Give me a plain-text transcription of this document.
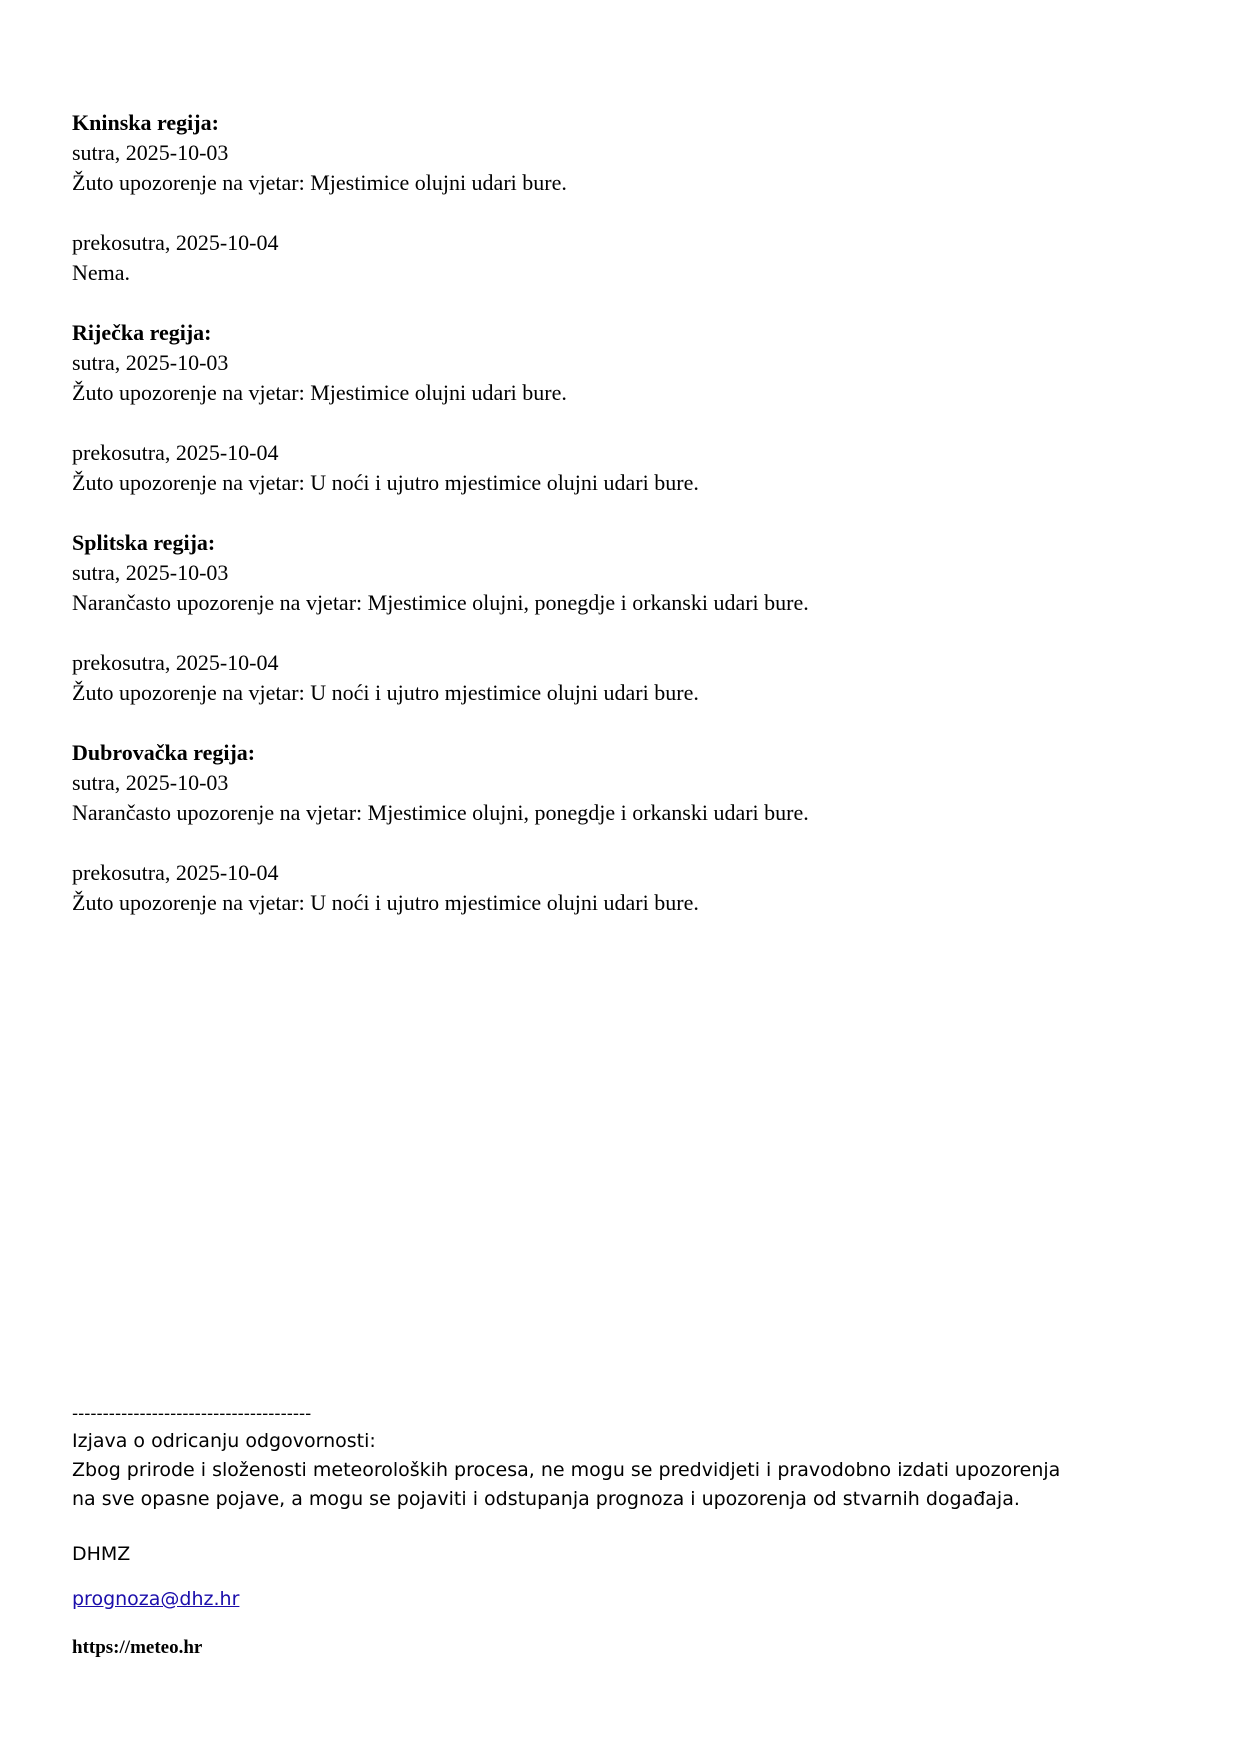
Kninska regija:

sutra, 2025-10-03

Žuto upozorenje na vjetar: Mjestimice olujni udari bure.

prekosutra, 2025-10-04

Nema.

Riječka regija:

sutra, 2025-10-03

Žuto upozorenje na vjetar: Mjestimice olujni udari bure.

prekosutra, 2025-10-04

Žuto upozorenje na vjetar: U noći i ujutro mjestimice olujni udari bure.

Splitska regija:

sutra, 2025-10-03

Narančasto upozorenje na vjetar: Mjestimice olujni, ponegdje i orkanski udari bure.

prekosutra, 2025-10-04

Žuto upozorenje na vjetar: U noći i ujutro mjestimice olujni udari bure.

Dubrovačka regija:

sutra, 2025-10-03

Narančasto upozorenje na vjetar: Mjestimice olujni, ponegdje i orkanski udari bure.

prekosutra, 2025-10-04

Žuto upozorenje na vjetar: U noći i ujutro mjestimice olujni udari bure.

---------------------------------------

Izjava o odricanju odgovornosti:

Zbog prirode i složenosti meteoroloških procesa, ne mogu se predvidjeti i pravodobno izdati upozorenja

na sve opasne pojave, a mogu se pojaviti i odstupanja prognoza i upozorenja od stvarnih događaja.

DHMZ

prognoza@dhz.hr

https://meteo.hr
